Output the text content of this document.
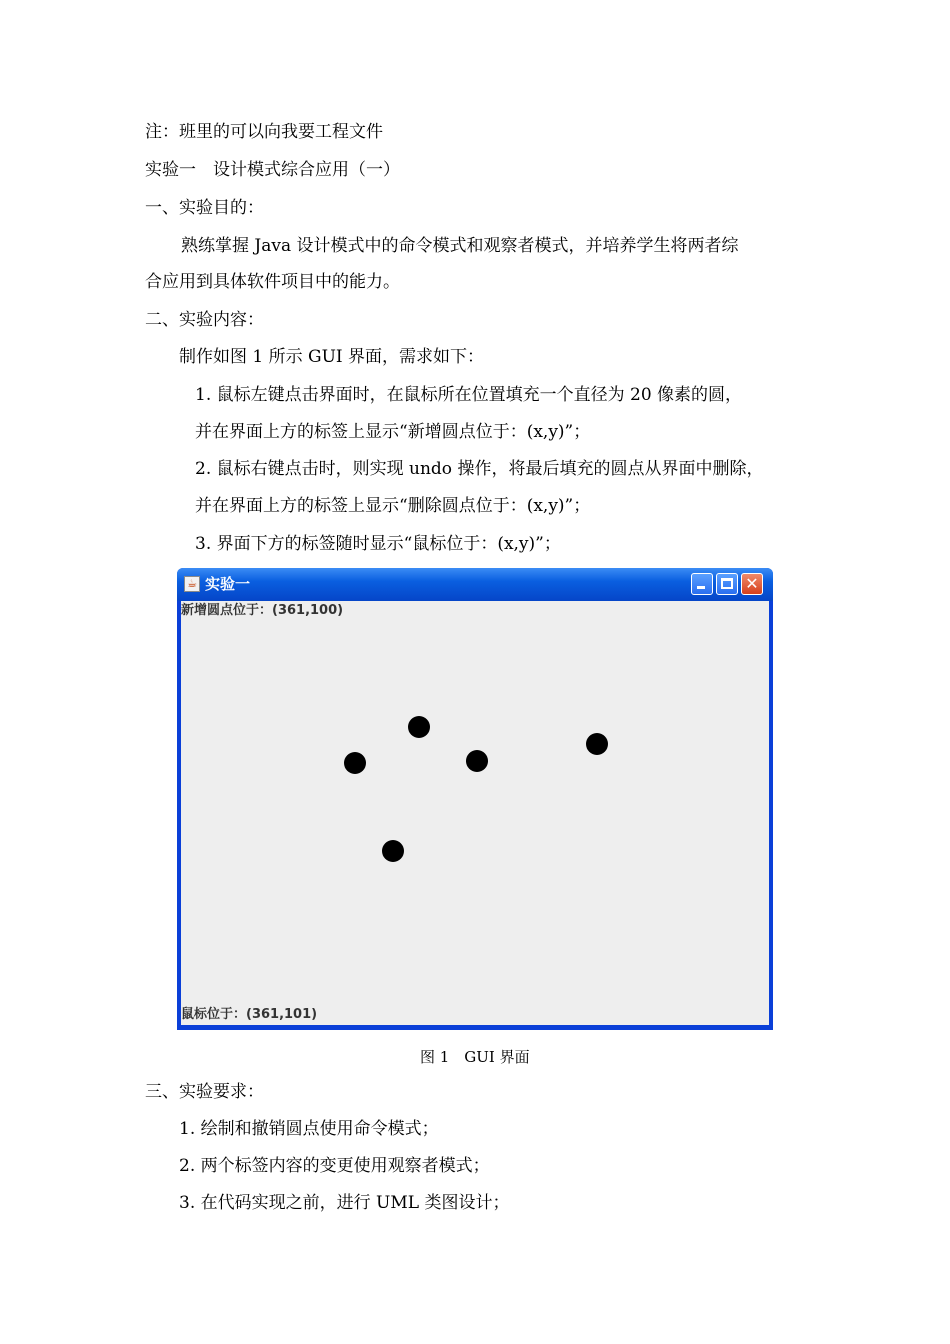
注：班里的可以向我要工程文件
实验一　设计模式综合应用（一）
一、实验目的：
熟练掌握 Java 设计模式中的命令模式和观察者模式，并培养学生将两者综
合应用到具体软件项目中的能力。
二、实验内容：
制作如图 1 所示 GUI 界面，需求如下：
1. 鼠标左键点击界面时，在鼠标所在位置填充一个直径为 20 像素的圆，
并在界面上方的标签上显示“新增圆点位于：(x,y)”；
2. 鼠标右键点击时，则实现 undo 操作，将最后填充的圆点从界面中删除，
并在界面上方的标签上显示“删除圆点位于：(x,y)”；
3. 界面下方的标签随时显示“鼠标位于：(x,y)”；
☕ 实验一	✕
新增圆点位于：(361,100)
鼠标位于：(361,101)
图 1　GUI 界面
三、实验要求：
1. 绘制和撤销圆点使用命令模式；
2. 两个标签内容的变更使用观察者模式；
3. 在代码实现之前，进行 UML 类图设计；
